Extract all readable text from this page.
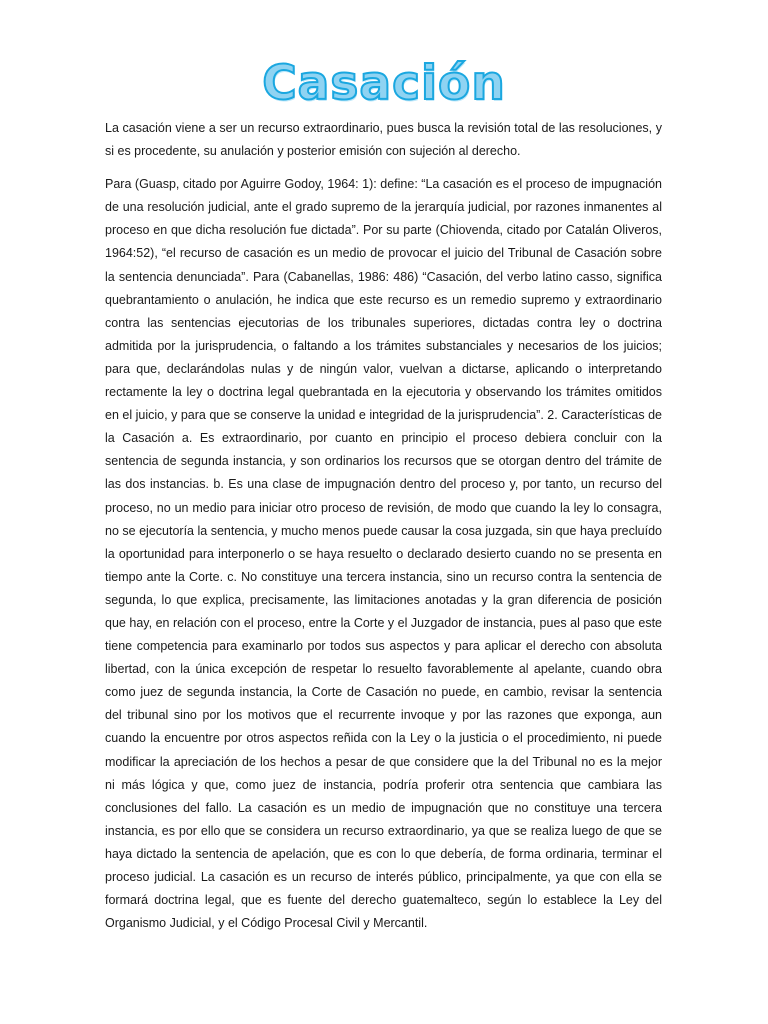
Casación

La casación viene a ser un recurso extraordinario, pues busca la revisión total de las resoluciones, y si es procedente, su anulación y posterior emisión con sujeción al derecho.

Para (Guasp, citado por Aguirre Godoy, 1964: 1): define: “La casación es el proceso de impugnación de una resolución judicial, ante el grado supremo de la jerarquía judicial, por razones inmanentes al proceso en que dicha resolución fue dictada”. Por su parte (Chiovenda, citado por Catalán Oliveros, 1964:52), “el recurso de casación es un medio de provocar el juicio del Tribunal de Casación sobre la sentencia denunciada”. Para (Cabanellas, 1986: 486) “Casación, del verbo latino casso, significa quebrantamiento o anulación, he indica que este recurso es un remedio supremo y extraordinario contra las sentencias ejecutorias de los tribunales superiores, dictadas contra ley o doctrina admitida por la jurisprudencia, o faltando a los trámites substanciales y necesarios de los juicios; para que, declarándolas nulas y de ningún valor, vuelvan a dictarse, aplicando o interpretando rectamente la ley o doctrina legal quebrantada en la ejecutoria y observando los trámites omitidos en el juicio, y para que se conserve la unidad e integridad de la jurisprudencia”. 2. Características de la Casación a. Es extraordinario, por cuanto en principio el proceso debiera concluir con la sentencia de segunda instancia, y son ordinarios los recursos que se otorgan dentro del trámite de las dos instancias. b. Es una clase de impugnación dentro del proceso y, por tanto, un recurso del proceso, no un medio para iniciar otro proceso de revisión, de modo que cuando la ley lo consagra, no se ejecutoría la sentencia, y mucho menos puede causar la cosa juzgada, sin que haya precluído la oportunidad para interponerlo o se haya resuelto o declarado desierto cuando no se presenta en tiempo ante la Corte. c. No constituye una tercera instancia, sino un recurso contra la sentencia de segunda, lo que explica, precisamente, las limitaciones anotadas y la gran diferencia de posición que hay, en relación con el proceso, entre la Corte y el Juzgador de instancia, pues al paso que este tiene competencia para examinarlo por todos sus aspectos y para aplicar el derecho con absoluta libertad, con la única excepción de respetar lo resuelto favorablemente al apelante, cuando obra como juez de segunda instancia, la Corte de Casación no puede, en cambio, revisar la sentencia del tribunal sino por los motivos que el recurrente invoque y por las razones que exponga, aun cuando la encuentre por otros aspectos reñida con la Ley o la justicia o el procedimiento, ni puede modificar la apreciación de los hechos a pesar de que considere que la del Tribunal no es la mejor ni más lógica y que, como juez de instancia, podría proferir otra sentencia que cambiara las conclusiones del fallo. La casación es un medio de impugnación que no constituye una tercera instancia, es por ello que se considera un recurso extraordinario, ya que se realiza luego de que se haya dictado la sentencia de apelación, que es con lo que debería, de forma ordinaria, terminar el proceso judicial. La casación es un recurso de interés público, principalmente, ya que con ella se formará doctrina legal, que es fuente del derecho guatemalteco, según lo establece la Ley del Organismo Judicial, y el Código Procesal Civil y Mercantil.
